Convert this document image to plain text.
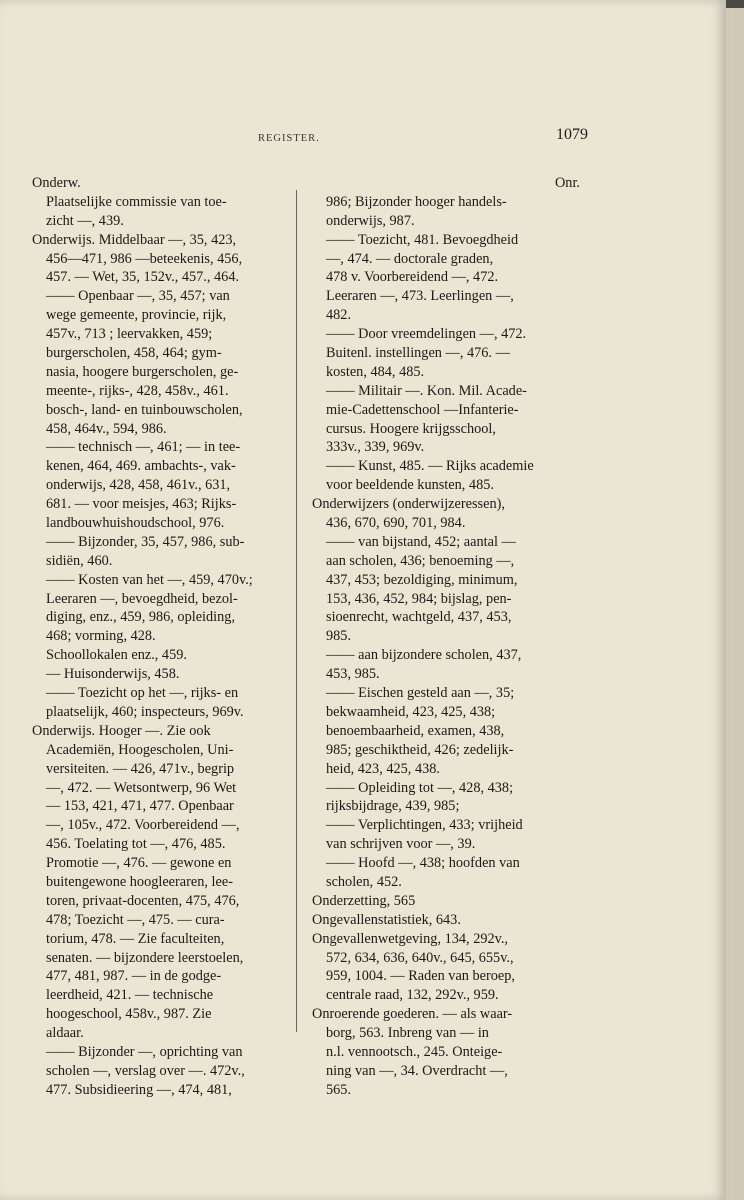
REGISTER.	1079
Onderw.
Plaatselijke commissie van toe-
zicht —, 439.
Onderwijs. Middelbaar —, 35, 423,
456—471, 986 —beteekenis, 456,
457. — Wet, 35, 152v., 457., 464.
—— Openbaar —, 35, 457; van
wege gemeente, provincie, rijk,
457v., 713 ; leervakken, 459;
burgerscholen, 458, 464; gym-
nasia, hoogere burgerscholen, ge-
meente-, rijks-, 428, 458v., 461.
bosch-, land- en tuinbouwscholen,
458, 464v., 594, 986.
—— technisch —, 461; — in tee-
kenen, 464, 469. ambachts-, vak-
onderwijs, 428, 458, 461v., 631,
681. — voor meisjes, 463; Rijks-
landbouwhuishoudschool, 976.
—— Bijzonder, 35, 457, 986, sub-
sidiën, 460.
—— Kosten van het —, 459, 470v.;
Leeraren —, bevoegdheid, bezol-
diging, enz., 459, 986, opleiding,
468; vorming, 428.
Schoollokalen enz., 459.
— Huisonderwijs, 458.
—— Toezicht op het —, rijks- en
plaatselijk, 460; inspecteurs, 969v.
Onderwijs. Hooger —. Zie ook
Academiën, Hoogescholen, Uni-
versiteiten. — 426, 471v., begrip
—, 472. — Wetsontwerp, 96 Wet
— 153, 421, 471, 477. Openbaar
—, 105v., 472. Voorbereidend —,
456. Toelating tot —, 476, 485.
Promotie —, 476. — gewone en
buitengewone hoogleeraren, lee-
toren, privaat-docenten, 475, 476,
478; Toezicht —, 475. — cura-
torium, 478. — Zie faculteiten,
senaten. — bijzondere leerstoelen,
477, 481, 987. — in de godge-
leerdheid, 421. — technische
hoogeschool, 458v., 987. Zie
aldaar.
—— Bijzonder —, oprichting van
scholen —, verslag over —. 472v.,
477. Subsidieering —, 474, 481,
Onr.
986; Bijzonder hooger handels-
onderwijs, 987.
—— Toezicht, 481. Bevoegdheid
—, 474. — doctorale graden,
478 v. Voorbereidend —, 472.
Leeraren —, 473. Leerlingen —,
482.
—— Door vreemdelingen —, 472.
Buitenl. instellingen —, 476. —
kosten, 484, 485.
—— Militair —. Kon. Mil. Acade-
mie-Cadettenschool —Infanterie-
cursus. Hoogere krijgsschool,
333v., 339, 969v.
—— Kunst, 485. — Rijks academie
voor beeldende kunsten, 485.
Onderwijzers (onderwijzeressen),
436, 670, 690, 701, 984.
—— van bijstand, 452; aantal —
aan scholen, 436; benoeming —,
437, 453; bezoldiging, minimum,
153, 436, 452, 984; bijslag, pen-
sioenrecht, wachtgeld, 437, 453,
985.
—— aan bijzondere scholen, 437,
453, 985.
—— Eischen gesteld aan —, 35;
bekwaamheid, 423, 425, 438;
benoembaarheid, examen, 438,
985; geschiktheid, 426; zedelijk-
heid, 423, 425, 438.
—— Opleiding tot —, 428, 438;
rijksbijdrage, 439, 985;
—— Verplichtingen, 433; vrijheid
van schrijven voor —, 39.
—— Hoofd —, 438; hoofden van
scholen, 452.
Onderzetting, 565
Ongevallenstatistiek, 643.
Ongevallenwetgeving, 134, 292v.,
572, 634, 636, 640v., 645, 655v.,
959, 1004. — Raden van beroep,
centrale raad, 132, 292v., 959.
Onroerende goederen. — als waar-
borg, 563. Inbreng van — in
n.l. vennootsch., 245. Onteige-
ning van —, 34. Overdracht —,
565.
